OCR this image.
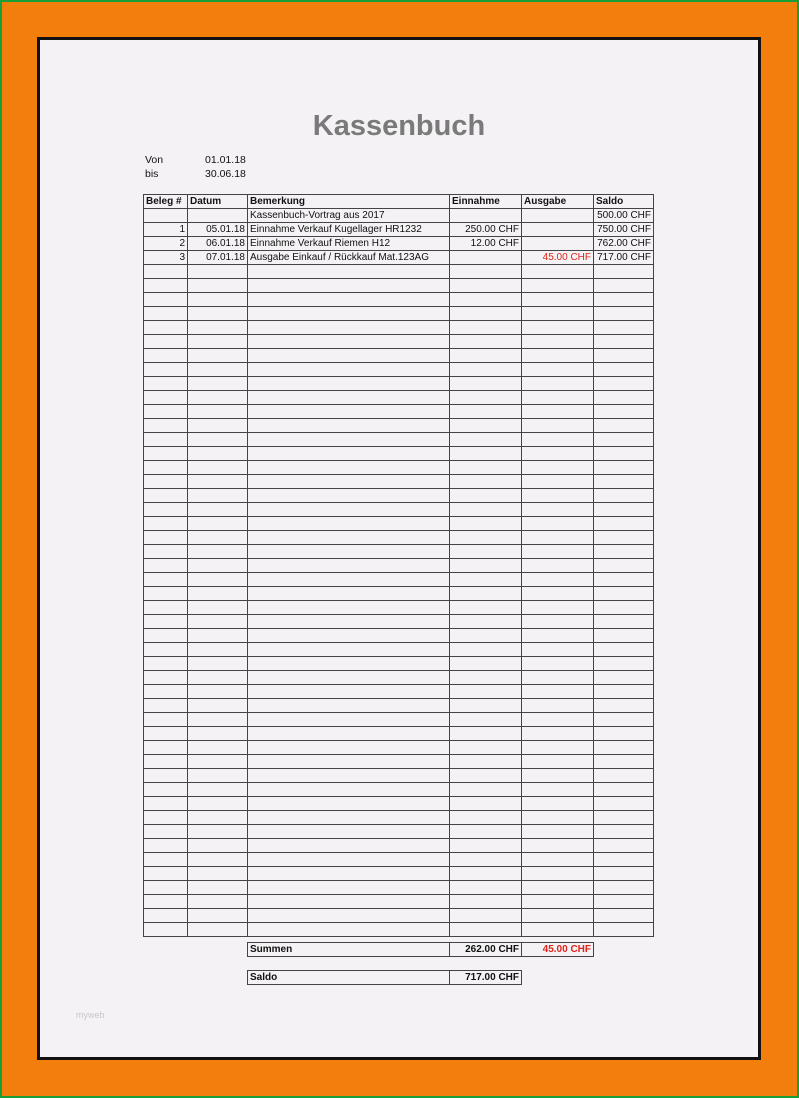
Kassenbuch
Von	01.01.18
bis	30.06.18
Beleg #	Datum	Bemerkung	Einnahme	Ausgabe	Saldo
		Kassenbuch-Vortrag aus 2017			500.00 CHF
1	05.01.18	Einnahme Verkauf Kugellager HR1232	250.00 CHF		750.00 CHF
2	06.01.18	Einnahme Verkauf Riemen H12	12.00 CHF		762.00 CHF
3	07.01.18	Ausgabe Einkauf / Rückkauf Mat.123AG		45.00 CHF	717.00 CHF

Summen	262.00 CHF	45.00 CHF
Saldo	717.00 CHF
myweb
